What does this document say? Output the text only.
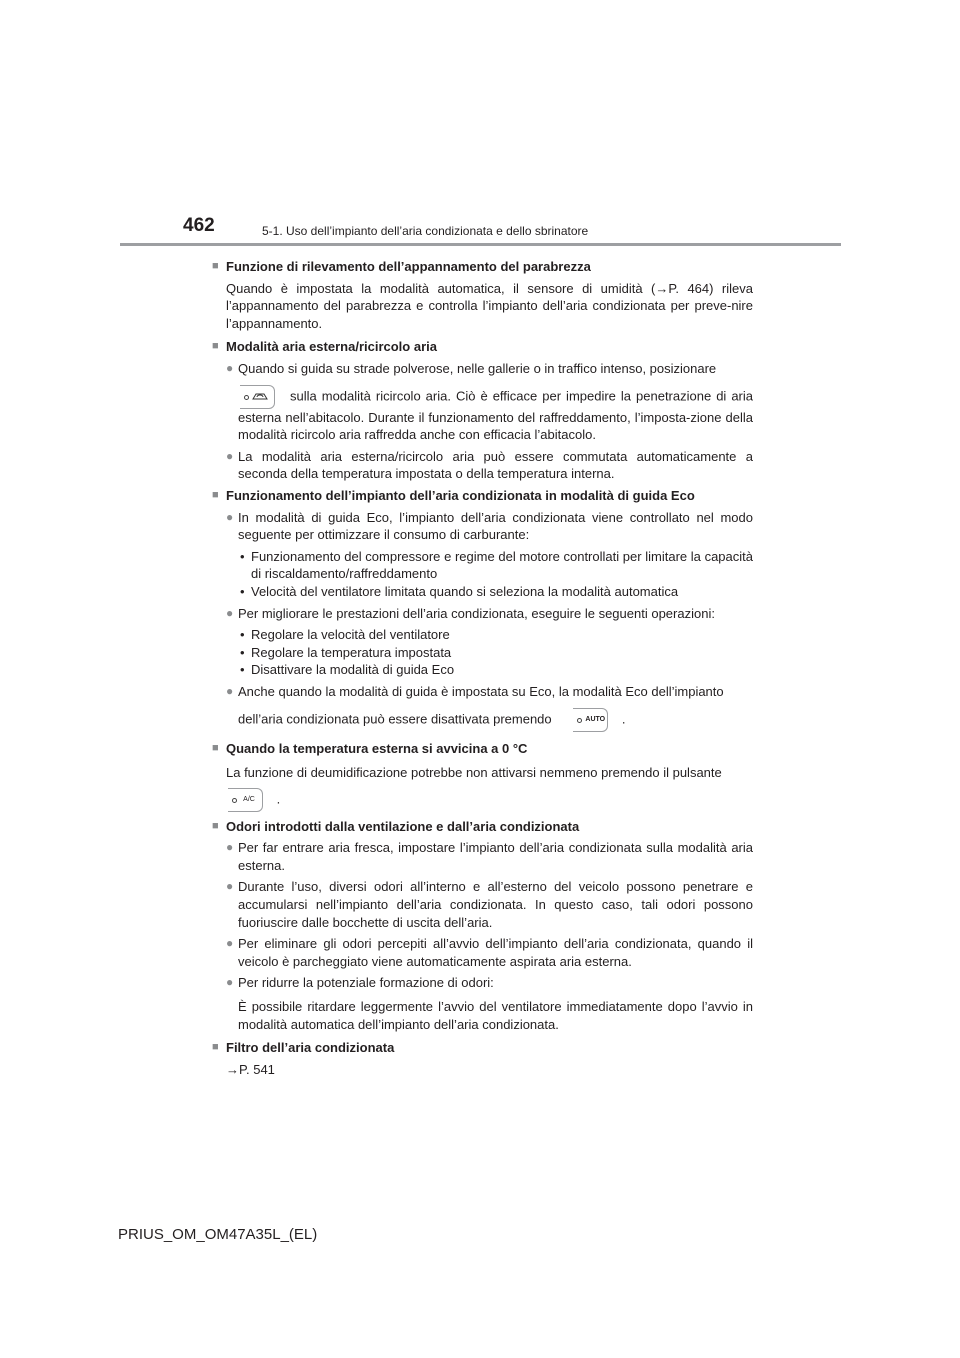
462	5-1. Uso dell’impianto dell’aria condizionata e dello sbrinatore
■ Funzione di rilevamento dell’appannamento del parabrezza
Quando è impostata la modalità automatica, il sensore di umidità (→P. 464) rileva l’appannamento del parabrezza e controlla l’impianto dell’aria condizionata per preve-nire l’appannamento.
■ Modalità aria esterna/ricircolo aria
● Quando si guida su strade polverose, nelle gallerie o in traffico intenso, posizionare
sulla modalità ricircolo aria. Ciò è efficace per impedire la penetrazione di aria esterna nell’abitacolo. Durante il funzionamento del raffreddamento, l’imposta-zione della modalità ricircolo aria raffredda anche con efficacia l’abitacolo.
● La modalità aria esterna/ricircolo aria può essere commutata automaticamente a seconda della temperatura impostata o della temperatura interna.
■ Funzionamento dell’impianto dell’aria condizionata in modalità di guida Eco
● In modalità di guida Eco, l’impianto dell’aria condizionata viene controllato nel modo seguente per ottimizzare il consumo di carburante:
• Funzionamento del compressore e regime del motore controllati per limitare la capacità di riscaldamento/raffreddamento
• Velocità del ventilatore limitata quando si seleziona la modalità automatica
● Per migliorare le prestazioni dell’aria condizionata, eseguire le seguenti operazioni:
• Regolare la velocità del ventilatore
• Regolare la temperatura impostata
• Disattivare la modalità di guida Eco
● Anche quando la modalità di guida è impostata su Eco, la modalità Eco dell’impianto
dell’aria condizionata può essere disattivata premendo	AUTO .
■ Quando la temperatura esterna si avvicina a 0 °C
La funzione di deumidificazione potrebbe non attivarsi nemmeno premendo il pulsante
A/C .
■ Odori introdotti dalla ventilazione e dall’aria condizionata
● Per far entrare aria fresca, impostare l’impianto dell’aria condizionata sulla modalità aria esterna.
● Durante l’uso, diversi odori all’interno e all’esterno del veicolo possono penetrare e accumularsi nell’impianto dell’aria condizionata. In questo caso, tali odori possono fuoriuscire dalle bocchette di uscita dell’aria.
● Per eliminare gli odori percepiti all’avvio dell’impianto dell’aria condizionata, quando il veicolo è parcheggiato viene automaticamente aspirata aria esterna.
● Per ridurre la potenziale formazione di odori:
È possibile ritardare leggermente l’avvio del ventilatore immediatamente dopo l’avvio in modalità automatica dell’impianto dell’aria condizionata.
■ Filtro dell’aria condizionata
→P. 541
PRIUS_OM_OM47A35L_(EL)
